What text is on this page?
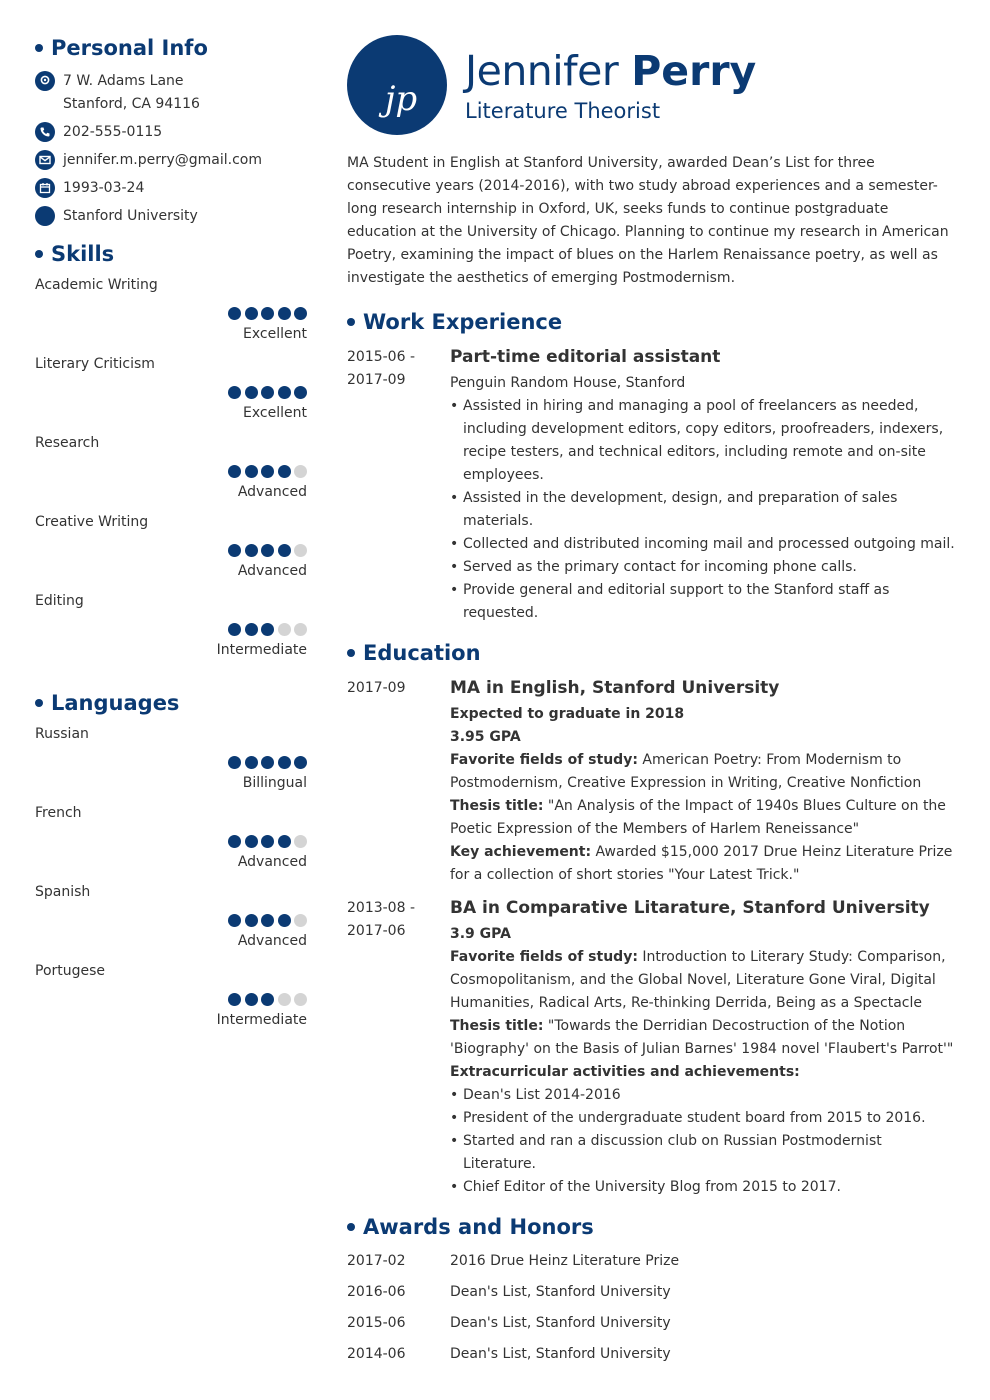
Personal Info
7 W. Adams Lane
Stanford, CA 94116
202-555-0115
jennifer.m.perry@gmail.com
1993-03-24
Stanford University
Skills
Academic Writing
Excellent
Literary Criticism
Excellent
Research
Advanced
Creative Writing
Advanced
Editing
Intermediate
Languages
Russian
Billingual
French
Advanced
Spanish
Advanced
Portugese
Intermediate
jp
Jennifer Perry
Literature Theorist
MA Student in English at Stanford University, awarded Dean’s List for three consecutive years (2014-2016), with two study abroad experiences and a semester-long research internship in Oxford, UK, seeks funds to continue postgraduate education at the University of Chicago. Planning to continue my research in American Poetry, examining the impact of blues on the Harlem Renaissance poetry, as well as investigate the aesthetics of emerging Postmodernism.
Work Experience
2015-06 -
2017-09
Part-time editorial assistant
Penguin Random House, Stanford
• Assisted in hiring and managing a pool of freelancers as needed, including development editors, copy editors, proofreaders, indexers, recipe testers, and technical editors, including remote and on-site employees.
• Assisted in the development, design, and preparation of sales materials.
• Collected and distributed incoming mail and processed outgoing mail.
• Served as the primary contact for incoming phone calls.
• Provide general and editorial support to the Stanford staff as requested.
Education
2017-09	MA in English, Stanford University
Expected to graduate in 2018
3.95 GPA
Favorite fields of study: American Poetry: From Modernism to Postmodernism, Creative Expression in Writing, Creative Nonfiction
Thesis title: "An Analysis of the Impact of 1940s Blues Culture on the Poetic Expression of the Members of Harlem Reneissance"
Key achievement: Awarded $15,000 2017 Drue Heinz Literature Prize for a collection of short stories "Your Latest Trick."
2013-08 -
2017-06
BA in Comparative Litarature, Stanford University
3.9 GPA
Favorite fields of study: Introduction to Literary Study: Comparison, Cosmopolitanism, and the Global Novel, Literature Gone Viral, Digital Humanities, Radical Arts, Re-thinking Derrida, Being as a Spectacle
Thesis title: "Towards the Derridian Decostruction of the Notion 'Biography' on the Basis of Julian Barnes' 1984 novel 'Flaubert's Parrot'"
Extracurricular activities and achievements:
• Dean's List 2014-2016
• President of the undergraduate student board from 2015 to 2016.
• Started and ran a discussion club on Russian Postmodernist Literature.
• Chief Editor of the University Blog from 2015 to 2017.
Awards and Honors
2017-02	2016 Drue Heinz Literature Prize
2016-06	Dean's List, Stanford University
2015-06	Dean's List, Stanford University
2014-06	Dean's List, Stanford University
